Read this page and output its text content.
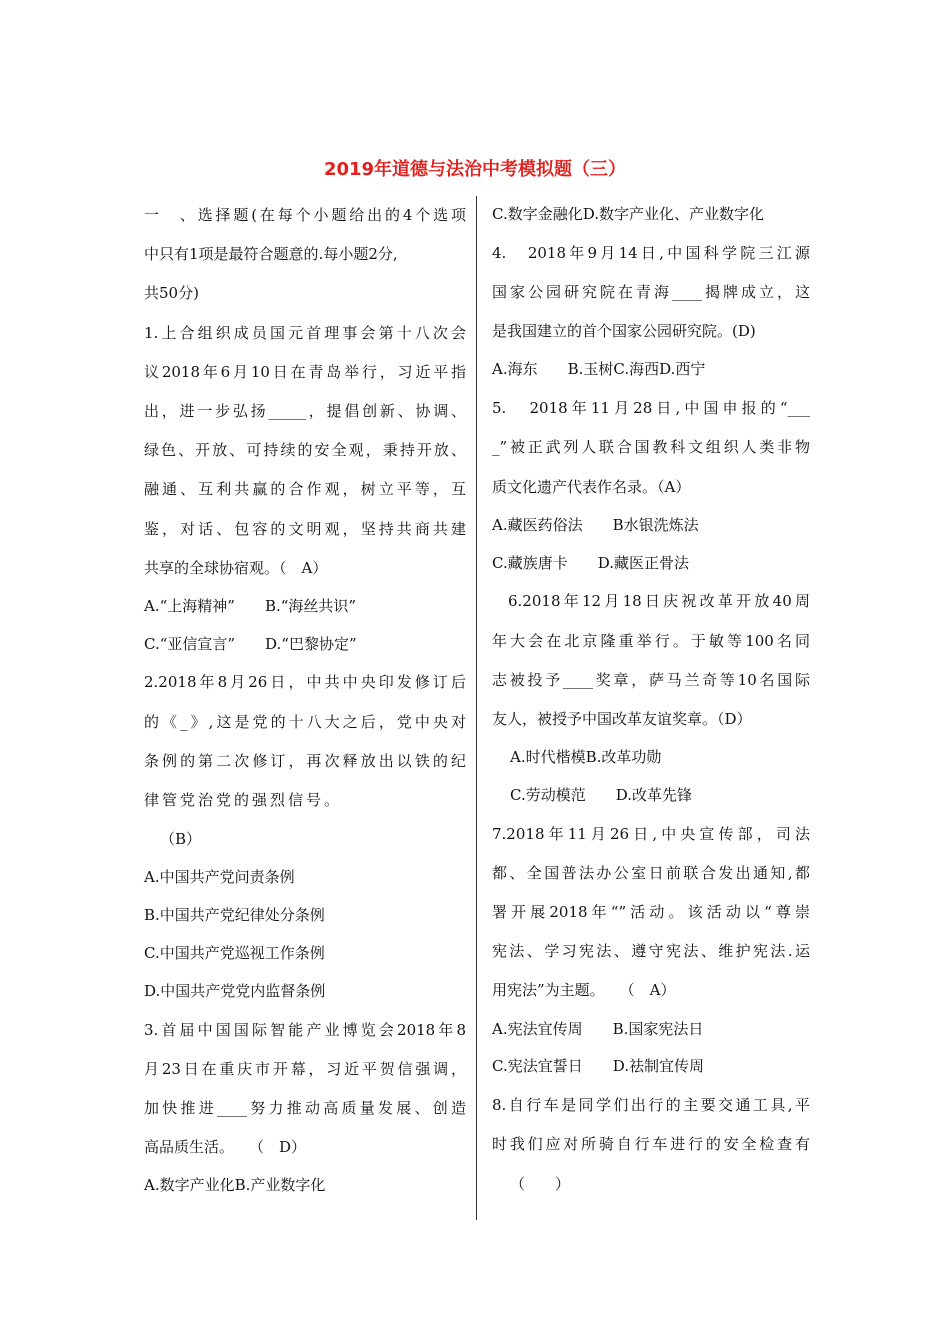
2019年道德与法治中考模拟题（三）
一　、选择题(在每个小题给出的4个选项
中只有1项是最符合题意的.每小题2分,
共50分)
1.上合组织成员国元首理事会第十八次会
议2018年6月10日在青岛举行，习近平指
出，进一步弘扬_____，提倡创新、协调、
绿色、开放、可持续的安全观，秉持开放、
融通、互利共赢的合作观，树立平等，互
鉴，对话、包容的文明观，坚持共商共建
共享的全球协宿观。（　A）
A.“上海精神”　　B.“海丝共识”
C.“亚信宣言”　　D.“巴黎协定”
2.2018年8月26日，中共中央印发修订后
的《_》,这是党的十八大之后，党中央对
条例的第二次修订，再次释放出以铁的纪
律管党治党的强烈信号。
（B）
A.中国共产党问责条例
B.中国共产党纪律处分条例
C.中国共产党巡视工作条例
D.中国共产党党内监督条例
3.首届中国国际智能产业博览会2018年8
月23日在重庆市开幕，习近平贺信强调，
加快推进____努力推动高质量发展、创造
高品质生活。　　（　D）
A.数字产业化B.产业数字化
C.数字金融化D.数字产业化、产业数字化
4.　2018年9月14日,中国科学院三江源
国家公园研究院在青海____揭牌成立，这
是我国建立的首个国家公园研究院。(D)
A.海东　　B.玉树C.海西D.西宁
5.　2018年11月28日,中国申报的“___
_”被正武列人联合国教科文组织人类非物
质文化遗产代表作名录。（A）
A.藏医药俗法　　B水银洗炼法
C.藏族唐卡　　D.藏医正骨法
6.2018年12月18日庆祝改革开放40周
年大会在北京隆重举行。于敏等100名同
志被投予____奖章，萨马兰奇等10名国际
友人，被授予中国改革友谊奖章。（D）
A.时代楷模B.改革功勋
C.劳动模范　　D.改革先锋
7.2018年11月26日,中央宣传部，司法
都、全国普法办公室日前联合发出通知,都
署开展2018年“”活动。该活动以“尊崇
宪法、学习宪法、遵守宪法、维护宪法.运
用宪法”为主题。　　（　A）
A.宪法宜传周　　B.国家宪法日
C.宪法宜誓日　　D.祛制宜传周
8.自行车是同学们出行的主要交通工具,平
时我们应对所骑自行车进行的安全检查有
（　　）
